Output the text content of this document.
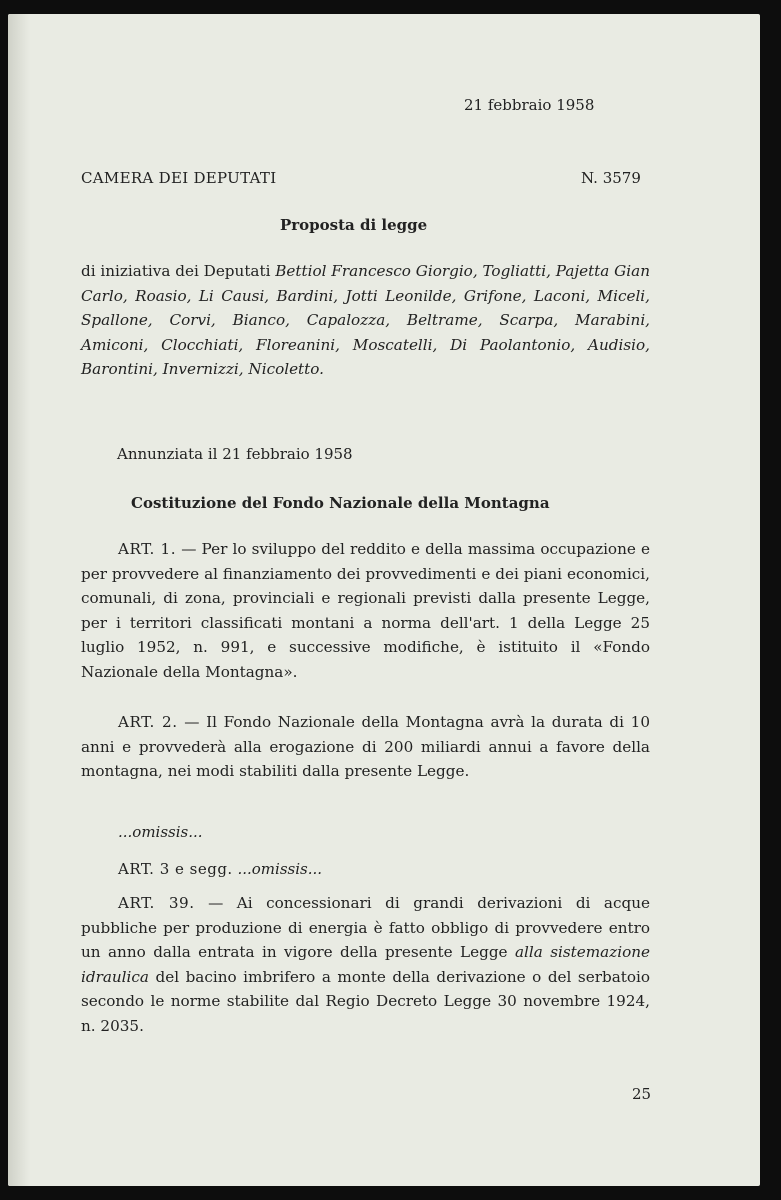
21 febbraio 1958
CAMERA DEI DEPUTATI	N. 3579
Proposta di legge

di iniziativa dei Deputati Bettiol Francesco Giorgio, Togliatti, Pajetta Gian Carlo, Roasio, Li Causi, Bardini, Jotti Leonilde, Grifone, Laconi, Miceli, Spallone, Corvi, Bianco, Capalozza, Beltrame, Scarpa, Marabini, Amiconi, Clocchiati, Floreanini, Moscatelli, Di Paolantonio, Audisio, Barontini, Invernizzi, Nicoletto.

Annunziata il 21 febbraio 1958
Costituzione del Fondo Nazionale della Montagna

ART. 1. — Per lo sviluppo del reddito e della massima occupazione e per provvedere al finanziamento dei provvedimenti e dei piani economici, comunali, di zona, provinciali e regionali previsti dalla presente Legge, per i territori classificati montani a norma dell'art. 1 della Legge 25 luglio 1952, n. 991, e successive modifiche, è istituito il «Fondo Nazionale della Montagna».

ART. 2. — Il Fondo Nazionale della Montagna avrà la durata di 10 anni e provvederà alla erogazione di 200 miliardi annui a favore della montagna, nei modi stabiliti dalla presente Legge.

...omissis...
ART. 3 e segg. ...omissis...

ART. 39. — Ai concessionari di grandi derivazioni di acque pubbliche per produzione di energia è fatto obbligo di provvedere entro un anno dalla entrata in vigore della presente Legge alla sistemazione idraulica del bacino imbrifero a monte della derivazione o del serbatoio secondo le norme stabilite dal Regio Decreto Legge 30 novembre 1924, n. 2035.

25
